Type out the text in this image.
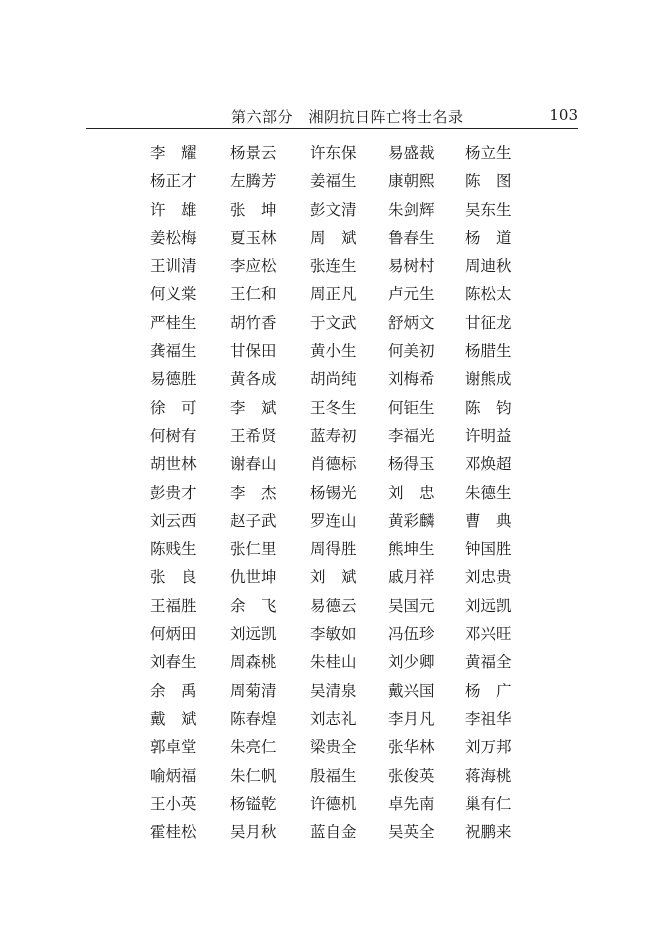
第六部分　湘阴抗日阵亡将士名录	103
李　耀	杨景云	许东保	易盛裁	杨立生
杨正才	左腾芳	姜福生	康朝熙	陈　图
许　雄	张　坤	彭文清	朱剑辉	吴东生
姜松梅	夏玉林	周　斌	鲁春生	杨　道
王训清	李应松	张连生	易树村	周迪秋
何义棠	王仁和	周正凡	卢元生	陈松太
严桂生	胡竹香	于文武	舒炳文	甘征龙
龚福生	甘保田	黄小生	何美初	杨腊生
易德胜	黄各成	胡尚纯	刘梅希	谢熊成
徐　可	李　斌	王冬生	何钜生	陈　钧
何树有	王希贤	蓝寿初	李福光	许明益
胡世林	谢春山	肖德标	杨得玉	邓焕超
彭贵才	李　杰	杨锡光	刘　忠	朱德生
刘云西	赵子武	罗连山	黄彩麟	曹　典
陈贱生	张仁里	周得胜	熊坤生	钟国胜
张　良	仇世坤	刘　斌	戚月祥	刘忠贵
王福胜	余　飞	易德云	吴国元	刘远凯
何炳田	刘远凯	李敏如	冯伍珍	邓兴旺
刘春生	周森桃	朱桂山	刘少卿	黄福全
余　禹	周菊清	吴清泉	戴兴国	杨　广
戴　斌	陈春煌	刘志礼	李月凡	李祖华
郭卓堂	朱亮仁	梁贵全	张华林	刘万邦
喻炳福	朱仁帆	殷福生	张俊英	蒋海桃
王小英	杨镒乾	许德机	卓先南	巢有仁
霍桂松	吴月秋	蓝自金	吴英全	祝鹏来
